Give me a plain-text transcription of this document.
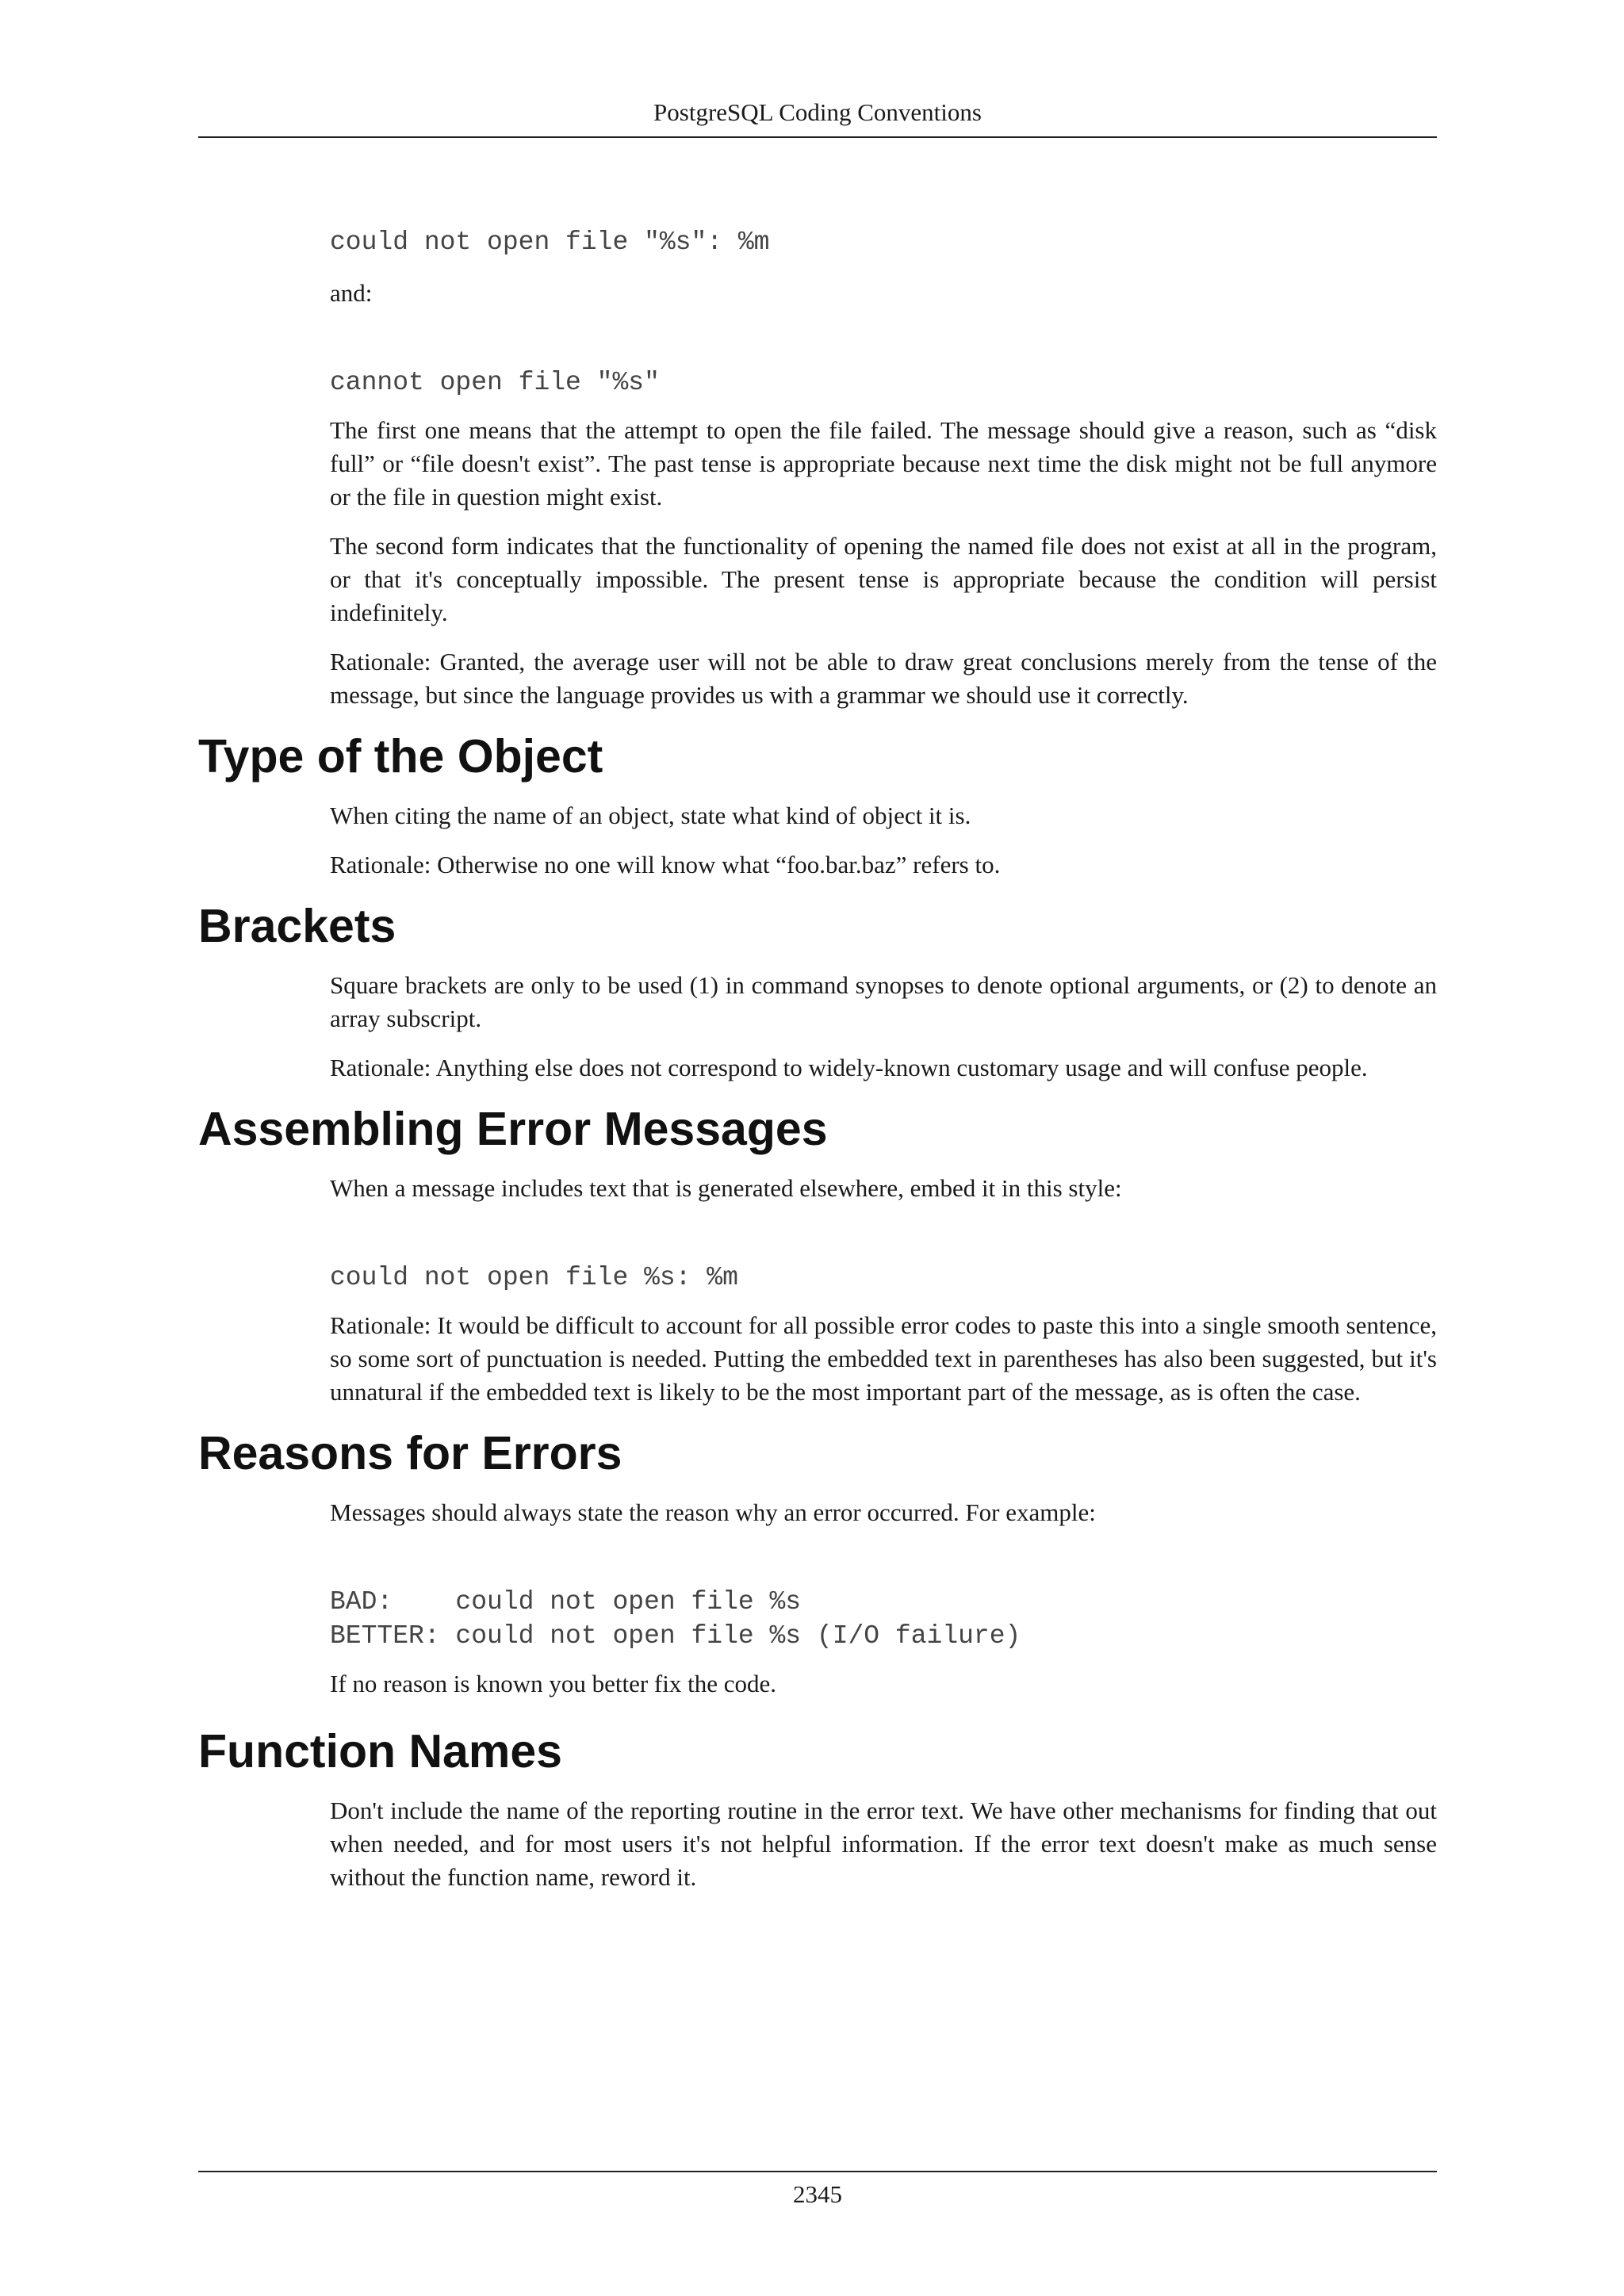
PostgreSQL Coding Conventions
could not open file "%s": %m

and:

cannot open file "%s"

The first one means that the attempt to open the file failed. The message should give a reason, such as “disk full” or “file doesn't exist”. The past tense is appropriate because next time the disk might not be full anymore or the file in question might exist.

The second form indicates that the functionality of opening the named file does not exist at all in the program, or that it's conceptually impossible. The present tense is appropriate because the condition will persist indefinitely.

Rationale: Granted, the average user will not be able to draw great conclusions merely from the tense of the message, but since the language provides us with a grammar we should use it correctly.

Type of the Object

When citing the name of an object, state what kind of object it is.

Rationale: Otherwise no one will know what “foo.bar.baz” refers to.

Brackets

Square brackets are only to be used (1) in command synopses to denote optional arguments, or (2) to denote an array subscript.

Rationale: Anything else does not correspond to widely-known customary usage and will confuse people.

Assembling Error Messages

When a message includes text that is generated elsewhere, embed it in this style:

could not open file %s: %m

Rationale: It would be difficult to account for all possible error codes to paste this into a single smooth sentence, so some sort of punctuation is needed. Putting the embedded text in parentheses has also been suggested, but it's unnatural if the embedded text is likely to be the most important part of the message, as is often the case.

Reasons for Errors

Messages should always state the reason why an error occurred. For example:

BAD:    could not open file %s
BETTER: could not open file %s (I/O failure)

If no reason is known you better fix the code.

Function Names

Don't include the name of the reporting routine in the error text. We have other mechanisms for finding that out when needed, and for most users it's not helpful information. If the error text doesn't make as much sense without the function name, reword it.

2345
